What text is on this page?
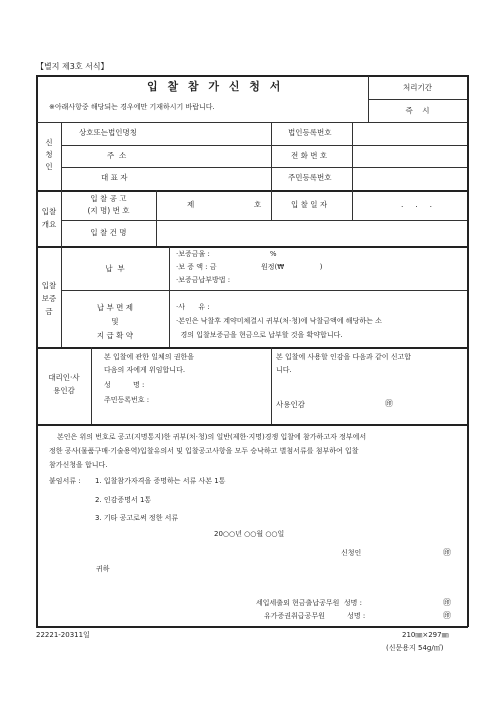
【별지 제3호 서식】
입 찰 참 가 신 청 서
※아래사항중 해당되는 경우에만 기재하시기 바랍니다.
처리기간
즉    시
신
청
인
상호또는법인명칭	법인등록번호
주  소	전 화 번 호
대 표 자	주민등록번호
입찰
개요
입 찰 공 고
(지 명) 번 호
제	호	입 찰 일 자	.     .     .
입 찰 건 명
입찰
보증
금
납  부
·보증금율 :                           %
·보 증 액 : 금                    원정(₩                )
·보증금납부방법 :
납 부 면 제
및
지 급 확 약
·사      유 :
·본인은 낙찰후 계약미체결시 귀부(처·청)에 낙찰금액에 해당하는 소
경의 입찰보증금을 현금으로 납부할 것을 확약합니다.
대리인·사
용인감
본 입찰에 관한 일체의 권한을
다음의 자에게 위임합니다.
성          명 :
주민등록번호 :
본 입찰에 사용할 인감을 다음과 같이 신고합
니다.
사용인감	㊞
본인은 위의 번호로 공고(지명통지)한 귀부(처·청)의 일반(제한·지명)경쟁 입찰에 참가하고자 정부에서
정한 공사(물품구매·기술용역)입찰유의서 및 입찰공고사항을 모두 승낙하고 별첨서류를 첨부하여 입찰
참가신청을 합니다.
붙임서류 : 1. 입찰참가자격을 증명하는 서류 사본 1통
2. 인감증명서 1통
3. 기타 공고로써 정한 서류
20○○년 ○○월 ○○일
신청인	㊞
귀하
세입세출외 현금출납공무원  성명 :	㊞
유가증권취급공무원          성명 :	㊞
22221-20311일	210㎜×297㎜
(신문용지 54g/㎡)
